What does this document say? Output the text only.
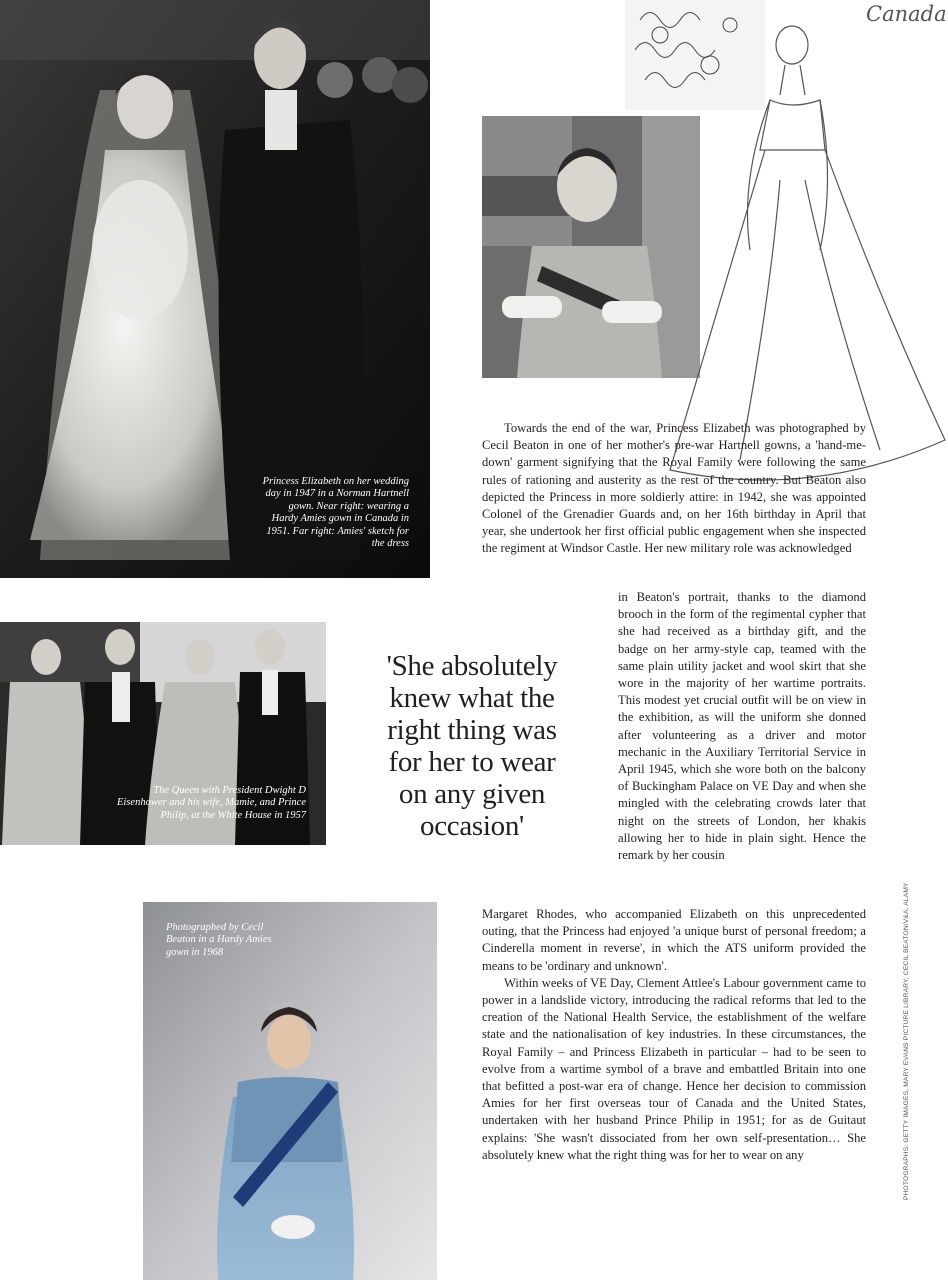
Princess Elizabeth on her wedding day in 1947 in a Norman Hartnell gown. Near right: wearing a Hardy Amies gown in Canada in 1951. Far right: Amies' sketch for the dress
Canada
The Queen with President Dwight D Eisenhower and his wife, Mamie, and Prince Philip, at the White House in 1957
'She absolutely knew what the right thing was for her to wear on any given occasion'
Photographed by Cecil Beaton in a Hardy Amies gown in 1968

Towards the end of the war, Princess Elizabeth was photographed by Cecil Beaton in one of her mother's pre-war Hartnell gowns, a 'hand-me-down' garment signifying that the Royal Family were following the same rules of rationing and austerity as the rest of the country. But Beaton also depicted the Princess in more soldierly attire: in 1942, she was appointed Colonel of the Grenadier Guards and, on her 16th birthday in April that year, she undertook her first official public engagement when she inspected the regiment at Windsor Castle. Her new military role was acknowledged

in Beaton's portrait, thanks to the diamond brooch in the form of the regimental cypher that she had received as a birthday gift, and the badge on her army-style cap, teamed with the same plain utility jacket and wool skirt that she wore in the majority of her wartime portraits. This modest yet crucial outfit will be on view in the exhibition, as will the uniform she donned after volunteering as a driver and motor mechanic in the Auxiliary Territorial Service in April 1945, which she wore both on the balcony of Buckingham Palace on VE Day and when she mingled with the celebrating crowds later that night on the streets of London, her khakis allowing her to hide in plain sight. Hence the remark by her cousin

Margaret Rhodes, who accompanied Elizabeth on this unprecedented outing, that the Princess had enjoyed 'a unique burst of personal freedom; a Cinderella moment in reverse', in which the ATS uniform provided the means to be 'ordinary and unknown'.

Within weeks of VE Day, Clement Attlee's Labour government came to power in a landslide victory, introducing the radical reforms that led to the creation of the National Health Service, the establishment of the welfare state and the nationalisation of key industries. In these circumstances, the Royal Family – and Princess Elizabeth in particular – had to be seen to evolve from a wartime symbol of a brave and embattled Britain into one that befitted a post-war era of change. Hence her decision to commission Amies for her first overseas tour of Canada and the United States, undertaken with her husband Prince Philip in 1951; for as de Guitaut explains: 'She wasn't dissociated from her own self-presentation… She absolutely knew what the right thing was for her to wear on any	PHOTOGRAPHS: GETTY IMAGES, MARY EVANS PICTURE LIBRARY, CECIL BEATON/V&A, ALAMY
